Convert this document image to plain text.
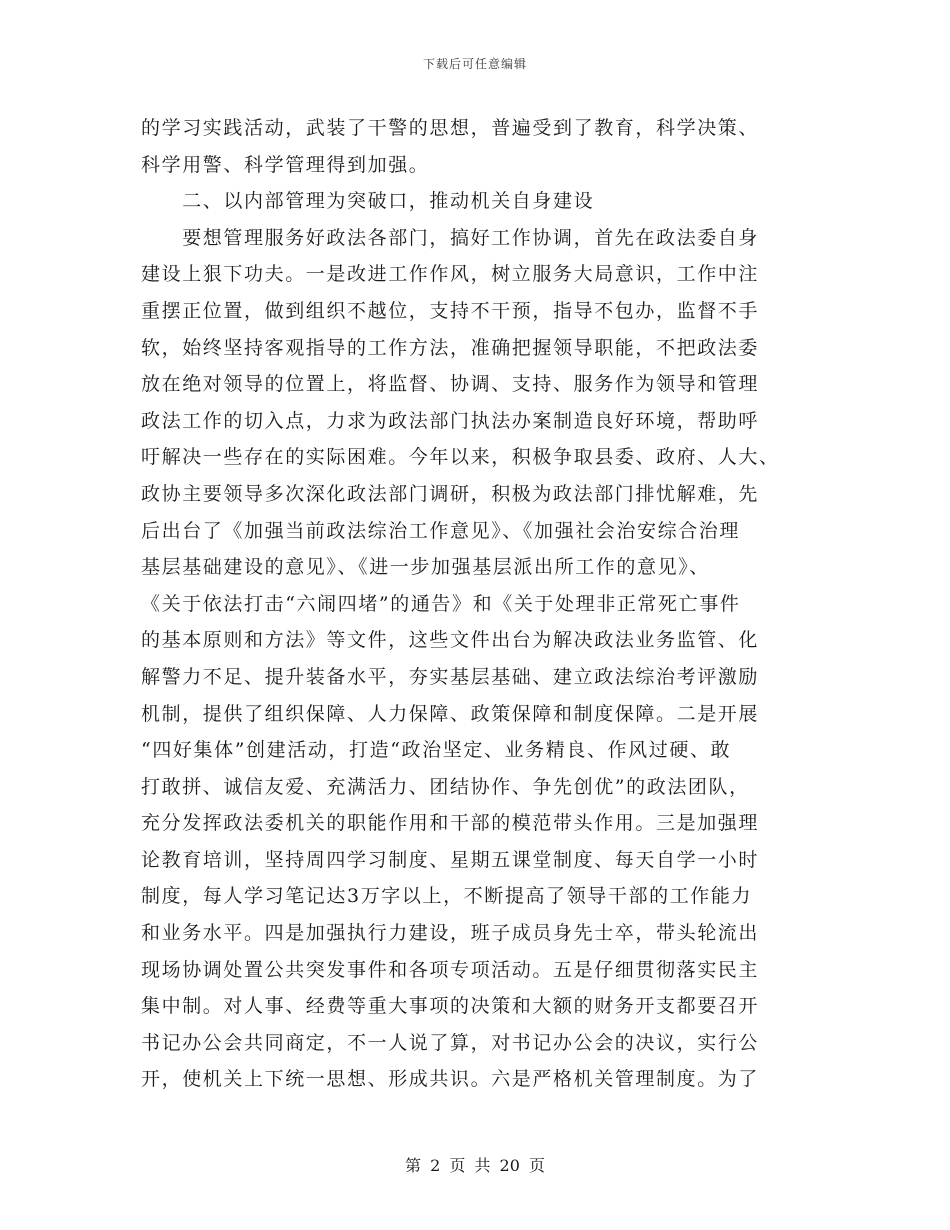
下载后可任意编辑
的学习实践活动，武装了干警的思想，普遍受到了教育，科学决策、
科学用警、科学管理得到加强。
　　二、以内部管理为突破口，推动机关自身建设
　　要想管理服务好政法各部门，搞好工作协调，首先在政法委自身
建设上狠下功夫。一是改进工作作风，树立服务大局意识，工作中注
重摆正位置，做到组织不越位，支持不干预，指导不包办，监督不手
软，始终坚持客观指导的工作方法，准确把握领导职能，不把政法委
放在绝对领导的位置上，将监督、协调、支持、服务作为领导和管理
政法工作的切入点，力求为政法部门执法办案制造良好环境，帮助呼
吁解决一些存在的实际困难。今年以来，积极争取县委、政府、人大、
政协主要领导多次深化政法部门调研，积极为政法部门排忧解难，先
后出台了《加强当前政法综治工作意见》、《加强社会治安综合治理
基层基础建设的意见》、《进一步加强基层派出所工作的意见》、
《关于依法打击“六闹四堵”的通告》和《关于处理非正常死亡事件
的基本原则和方法》等文件，这些文件出台为解决政法业务监管、化
解警力不足、提升装备水平，夯实基层基础、建立政法综治考评激励
机制，提供了组织保障、人力保障、政策保障和制度保障。二是开展
“四好集体”创建活动，打造“政治坚定、业务精良、作风过硬、敢
打敢拼、诚信友爱、充满活力、团结协作、争先创优”的政法团队，
充分发挥政法委机关的职能作用和干部的模范带头作用。三是加强理
论教育培训，坚持周四学习制度、星期五课堂制度、每天自学一小时
制度，每人学习笔记达3万字以上，不断提高了领导干部的工作能力
和业务水平。四是加强执行力建设，班子成员身先士卒，带头轮流出
现场协调处置公共突发事件和各项专项活动。五是仔细贯彻落实民主
集中制。对人事、经费等重大事项的决策和大额的财务开支都要召开
书记办公会共同商定，不一人说了算，对书记办公会的决议，实行公
开，使机关上下统一思想、形成共识。六是严格机关管理制度。为了
第 2 页 共 20 页
